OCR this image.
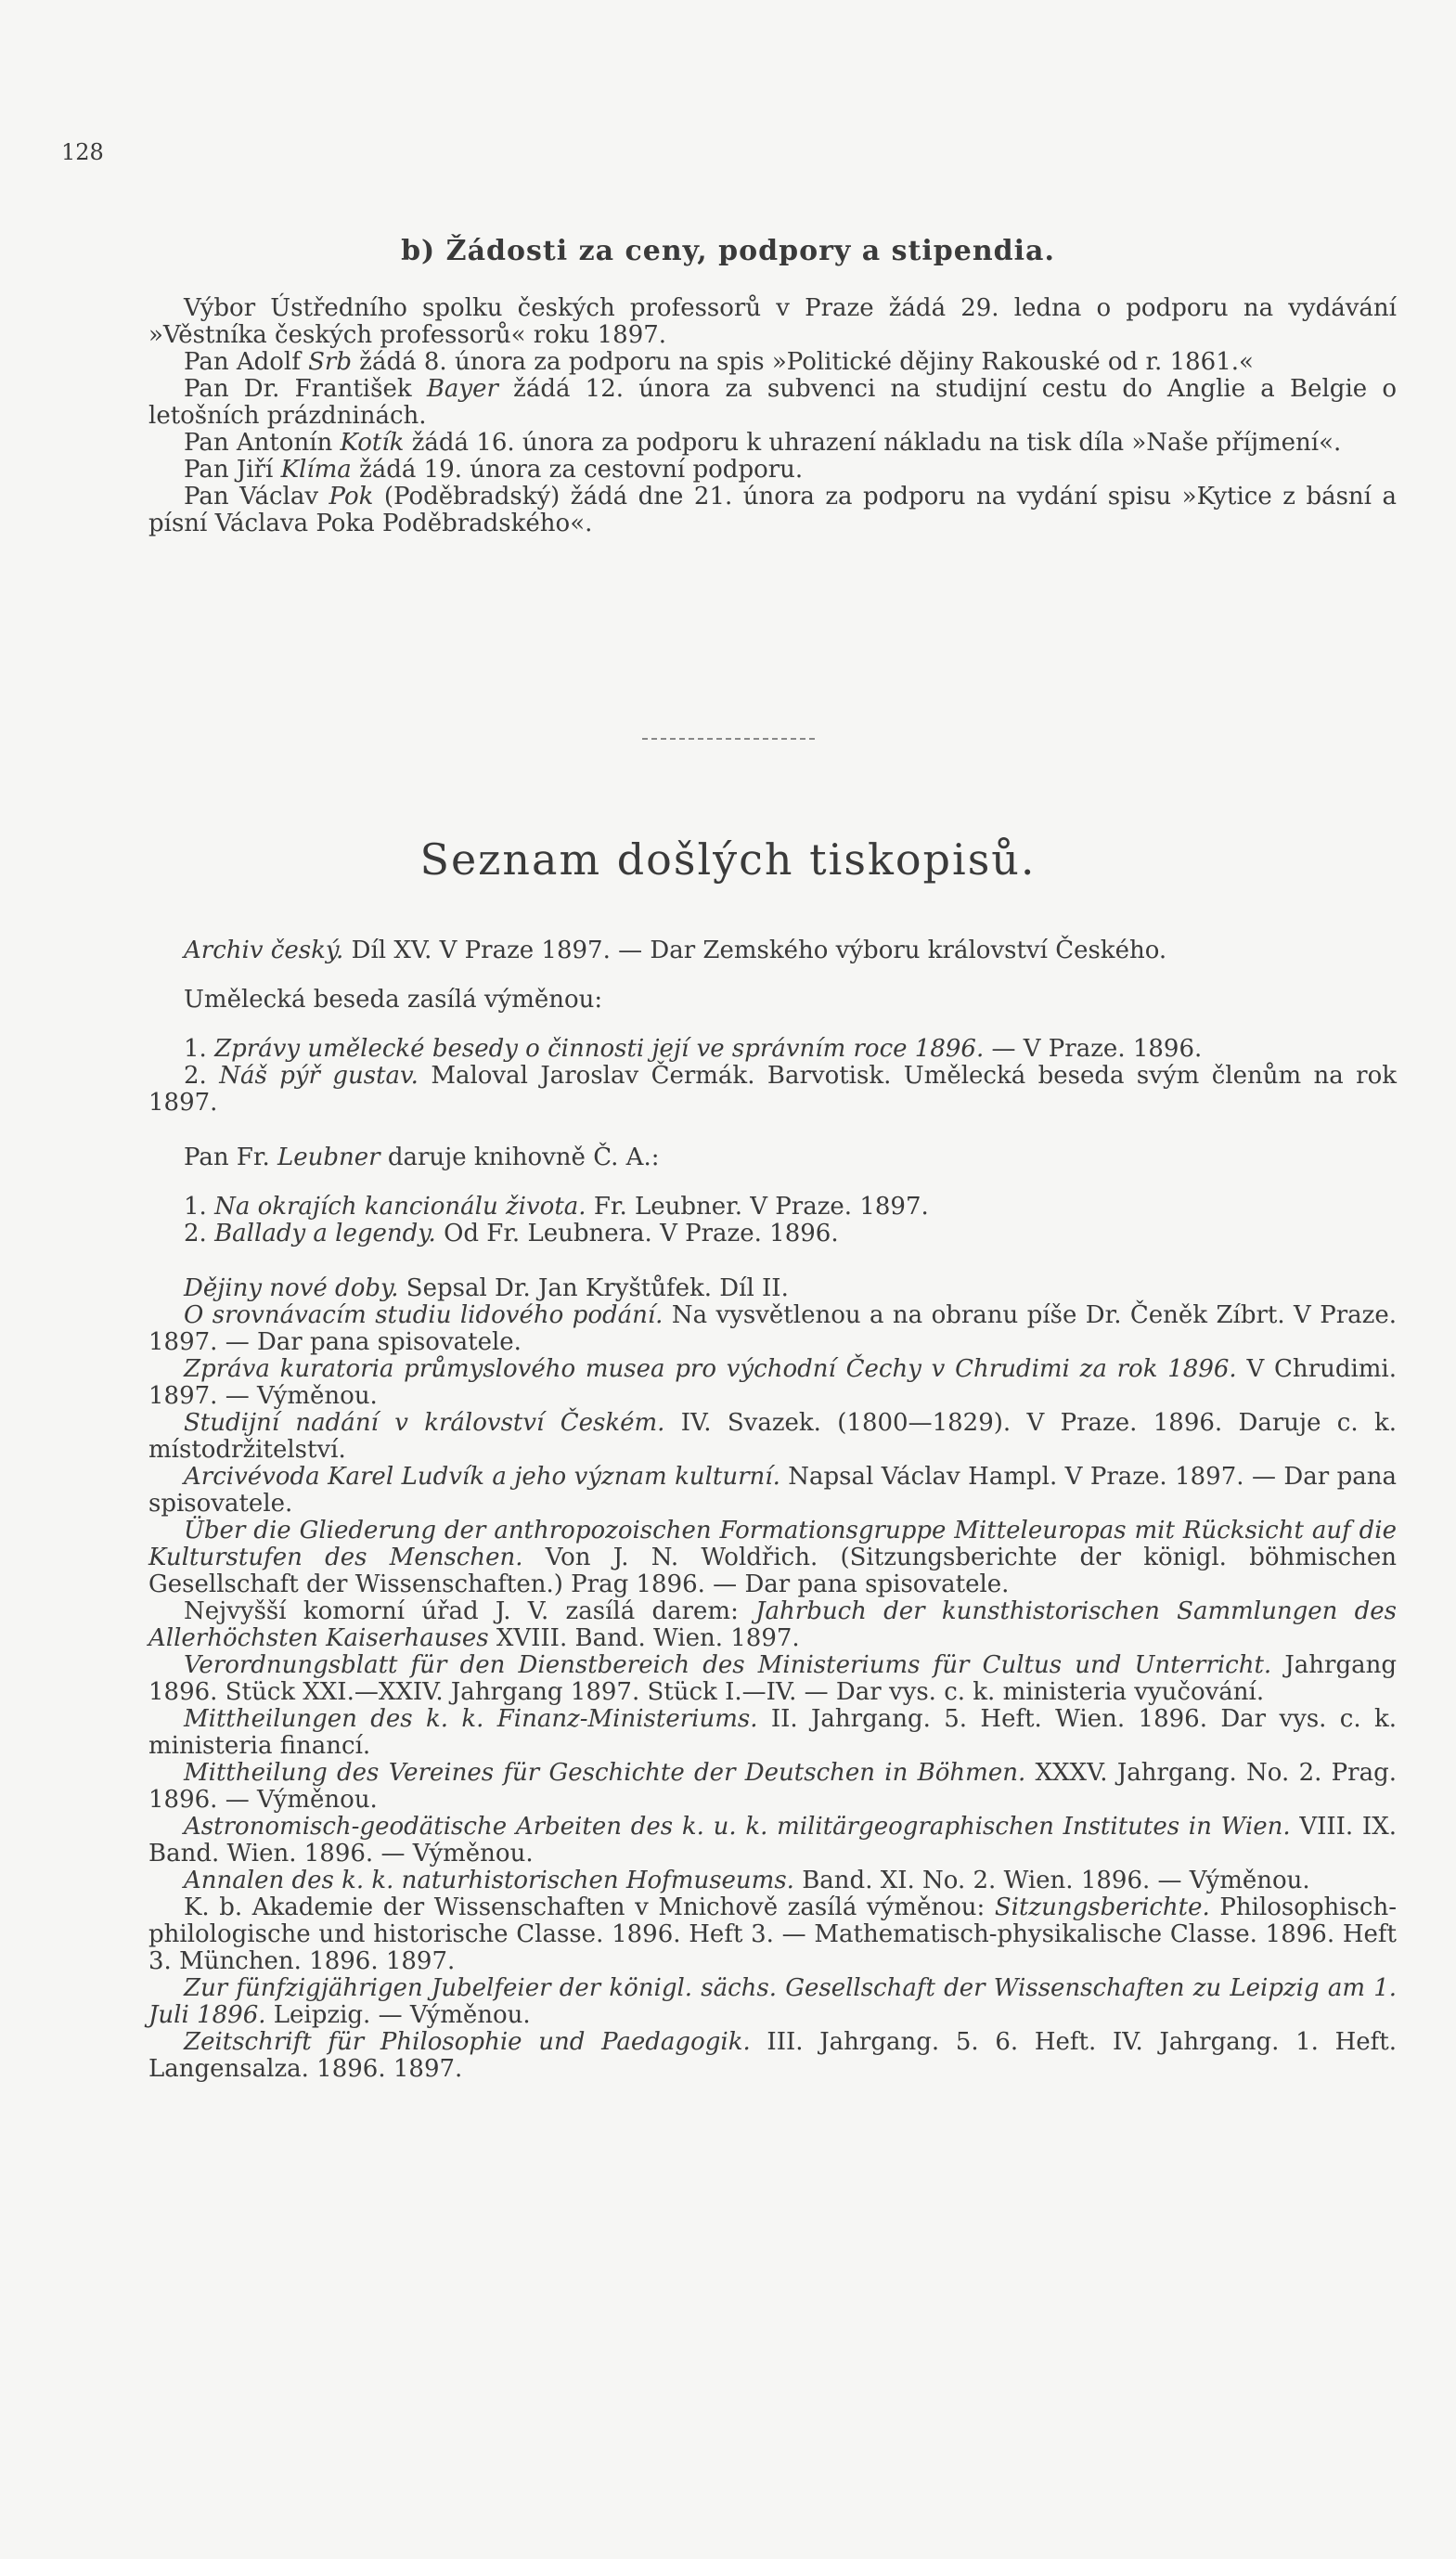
128
b) Žádosti za ceny, podpory a stipendia.

Výbor Ústředního spolku českých professorů v Praze žádá 29. ledna o podporu na vydávání »Věstníka českých professorů« roku 1897.

Pan Adolf Srb žádá 8. února za podporu na spis »Politické dějiny Rakouské od r. 1861.«

Pan Dr. František Bayer žádá 12. února za subvenci na studijní cestu do Anglie a Belgie o letošních prázdninách.

Pan Antonín Kotík žádá 16. února za podporu k uhrazení nákladu na tisk díla »Naše příjmení«.

Pan Jiří Klíma žádá 19. února za cestovní podporu.

Pan Václav Pok (Poděbradský) žádá dne 21. února za podporu na vydání spisu »Kytice z básní a písní Václava Poka Poděbradského«.

Seznam došlých tiskopisů.

Archiv český. Díl XV. V Praze 1897. — Dar Zemského výboru království Českého.

Umělecká beseda zasílá výměnou:

1. Zprávy umělecké besedy o činnosti její ve správním roce 1896. — V Praze. 1896.

2. Náš pýř gustav. Maloval Jaroslav Čermák. Barvotisk. Umělecká beseda svým členům na rok 1897.

Pan Fr. Leubner daruje knihovně Č. A.:

1. Na okrajích kancionálu života. Fr. Leubner. V Praze. 1897.

2. Ballady a legendy. Od Fr. Leubnera. V Praze. 1896.

Dějiny nové doby. Sepsal Dr. Jan Kryštůfek. Díl II.

O srovnávacím studiu lidového podání. Na vysvětlenou a na obranu píše Dr. Čeněk Zíbrt. V Praze. 1897. — Dar pana spisovatele.

Zpráva kuratoria průmyslového musea pro východní Čechy v Chrudimi za rok 1896. V Chrudimi. 1897. — Výměnou.

Studijní nadání v království Českém. IV. Svazek. (1800—1829). V Praze. 1896. Daruje c. k. místodržitelství.

Arcivévoda Karel Ludvík a jeho význam kulturní. Napsal Václav Hampl. V Praze. 1897. — Dar pana spisovatele.

Über die Gliederung der anthropozoischen Formationsgruppe Mitteleuropas mit Rücksicht auf die Kulturstufen des Menschen. Von J. N. Woldřich. (Sitzungsberichte der königl. böhmischen Gesellschaft der Wissenschaften.) Prag 1896. — Dar pana spisovatele.

Nejvyšší komorní úřad J. V. zasílá darem: Jahrbuch der kunsthistorischen Sammlungen des Allerhöchsten Kaiserhauses XVIII. Band. Wien. 1897.

Verordnungsblatt für den Dienstbereich des Ministeriums für Cultus und Unterricht. Jahrgang 1896. Stück XXI.—XXIV. Jahrgang 1897. Stück I.—IV. — Dar vys. c. k. ministeria vyučování.

Mittheilungen des k. k. Finanz-Ministeriums. II. Jahrgang. 5. Heft. Wien. 1896. Dar vys. c. k. ministeria financí.

Mittheilung des Vereines für Geschichte der Deutschen in Böhmen. XXXV. Jahrgang. No. 2. Prag. 1896. — Výměnou.

Astronomisch-geodätische Arbeiten des k. u. k. militärgeographischen Institutes in Wien. VIII. IX. Band. Wien. 1896. — Výměnou.

Annalen des k. k. naturhistorischen Hofmuseums. Band. XI. No. 2. Wien. 1896. — Výměnou.

K. b. Akademie der Wissenschaften v Mnichově zasílá výměnou: Sitzungsberichte. Philosophisch-philologische und historische Classe. 1896. Heft 3. — Mathematisch-physikalische Classe. 1896. Heft 3. München. 1896. 1897.

Zur fünfzigjährigen Jubelfeier der königl. sächs. Gesellschaft der Wissenschaften zu Leipzig am 1. Juli 1896. Leipzig. — Výměnou.

Zeitschrift für Philosophie und Paedagogik. III. Jahrgang. 5. 6. Heft. IV. Jahrgang. 1. Heft. Langensalza. 1896. 1897.
